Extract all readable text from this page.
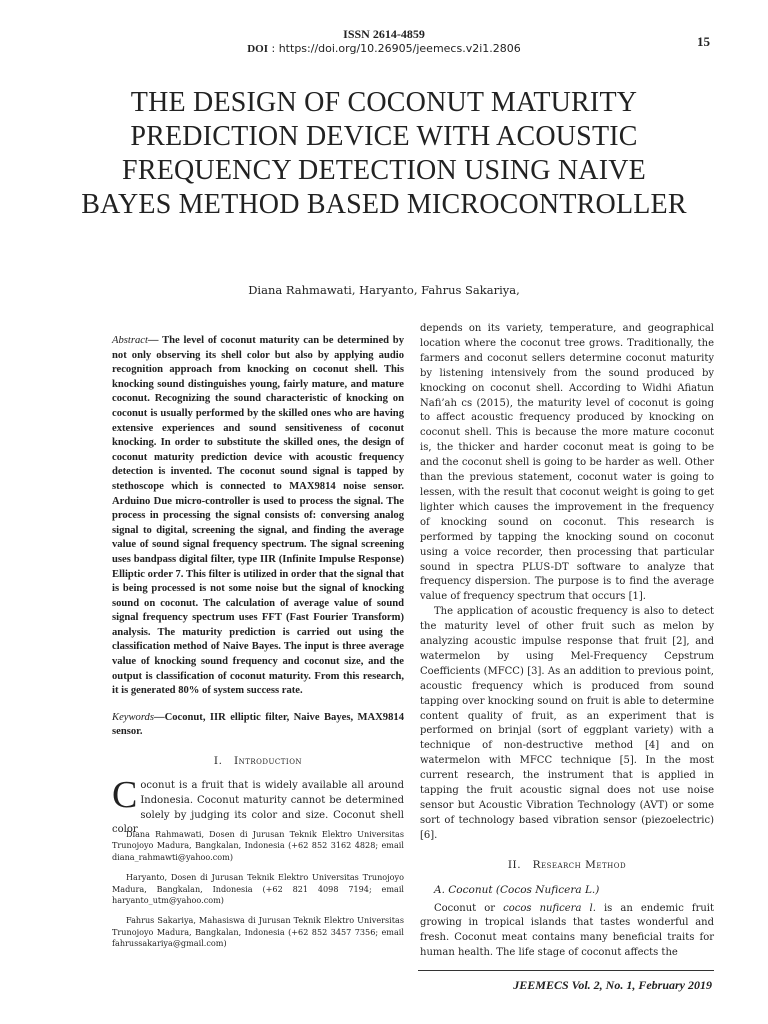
ISSN 2614-4859
DOI : https://doi.org/10.26905/jeemecs.v2i1.2806	15
THE DESIGN OF COCONUT MATURITY PREDICTION DEVICE WITH ACOUSTIC FREQUENCY DETECTION USING NAIVE BAYES METHOD BASED MICROCONTROLLER
Diana Rahmawati, Haryanto, Fahrus Sakariya,
Abstract— The level of coconut maturity can be determined by not only observing its shell color but also by applying audio recognition approach from knocking on coconut shell. This knocking sound distinguishes young, fairly mature, and mature coconut. Recognizing the sound characteristic of knocking on coconut is usually performed by the skilled ones who are having extensive experiences and sound sensitiveness of coconut knocking. In order to substitute the skilled ones, the design of coconut maturity prediction device with acoustic frequency detection is invented. The coconut sound signal is tapped by stethoscope which is connected to MAX9814 noise sensor. Arduino Due micro-controller is used to process the signal. The process in processing the signal consists of: conversing analog signal to digital, screening the signal, and finding the average value of sound signal frequency spectrum. The signal screening uses bandpass digital filter, type IIR (Infinite Impulse Response) Elliptic order 7. This filter is utilized in order that the signal that is being processed is not some noise but the signal of knocking sound on coconut. The calculation of average value of sound signal frequency spectrum uses FFT (Fast Fourier Transform) analysis. The maturity prediction is carried out using the classification method of Naive Bayes. The input is three average value of knocking sound frequency and coconut size, and the output is classification of coconut maturity. From this research, it is generated 80% of system success rate.
Keywords—Coconut, IIR elliptic filter, Naive Bayes, MAX9814 sensor.
I. Introduction
Coconut is a fruit that is widely available all around Indonesia. Coconut maturity cannot be determined solely by judging its color and size. Coconut shell color

Diana Rahmawati, Dosen di Jurusan Teknik Elektro Universitas Trunojoyo Madura, Bangkalan, Indonesia (+62 852 3162 4828; email diana_rahmawti@yahoo.com)

Haryanto, Dosen di Jurusan Teknik Elektro Universitas Trunojoyo Madura, Bangkalan, Indonesia (+62 821 4098 7194; email haryanto_utm@yahoo.com)

Fahrus Sakariya, Mahasiswa di Jurusan Teknik Elektro Universitas Trunojoyo Madura, Bangkalan, Indonesia (+62 852 3457 7356; email fahrussakariya@gmail.com)

depends on its variety, temperature, and geographical location where the coconut tree grows. Traditionally, the farmers and coconut sellers determine coconut maturity by listening intensively from the sound produced by knocking on coconut shell. According to Widhi Afiatun Nafi’ah cs (2015), the maturity level of coconut is going to affect acoustic frequency produced by knocking on coconut shell. This is because the more mature coconut is, the thicker and harder coconut meat is going to be and the coconut shell is going to be harder as well. Other than the previous statement, coconut water is going to lessen, with the result that coconut weight is going to get lighter which causes the improvement in the frequency of knocking sound on coconut. This research is performed by tapping the knocking sound on coconut using a voice recorder, then processing that particular sound in spectra PLUS-DT software to analyze that frequency dispersion. The purpose is to find the average value of frequency spectrum that occurs [1].

The application of acoustic frequency is also to detect the maturity level of other fruit such as melon by analyzing acoustic impulse response that fruit [2], and watermelon by using Mel-Frequency Cepstrum Coefficients (MFCC) [3]. As an addition to previous point, acoustic frequency which is produced from sound tapping over knocking sound on fruit is able to determine content quality of fruit, as an experiment that is performed on brinjal (sort of eggplant variety) with a technique of non-destructive method [4] and on watermelon with MFCC technique [5]. In the most current research, the instrument that is applied in tapping the fruit acoustic signal does not use noise sensor but Acoustic Vibration Technology (AVT) or some sort of technology based vibration sensor (piezoelectric) [6].

II. Research Method
A. Coconut (Cocos Nuficera L.)

Coconut or cocos nuficera l. is an endemic fruit growing in tropical islands that tastes wonderful and fresh. Coconut meat contains many beneficial traits for human health. The life stage of coconut affects the

JEEMECS Vol. 2, No. 1, February 2019
